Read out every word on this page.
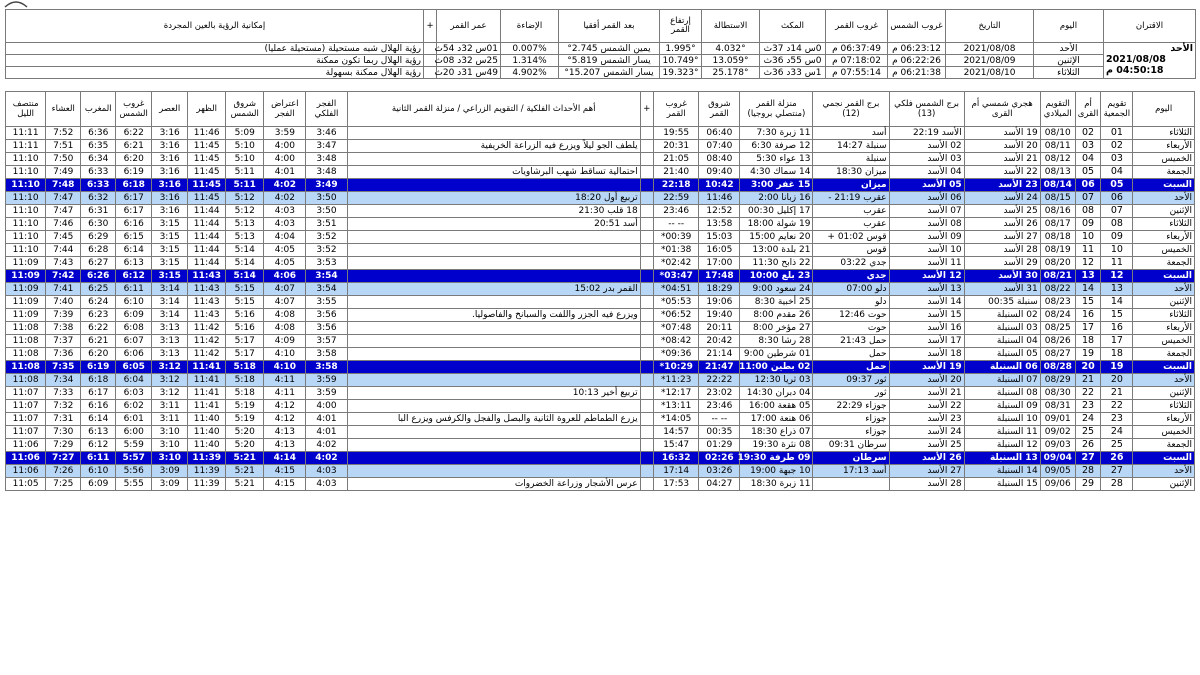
الاقتران	اليوم	التاريخ	غروب الشمس	غروب القمر	المكث	الاستطالة	إرتفاع القمر	بعد القمر أفقيا	الإضاءة	عمر القمر	+	إمكانية الرؤية بالعين المجردة

الأحد
2021/08/08
04:50:18 م	الأحد	2021/08/08	06:23:12 م	06:37:49 م	0س 14د 37ث	4.032°	1.995°	يمين الشمس 2.745°	0.007%	01س 32د 54ث		رؤية الهلال شبه مستحيلة (مستحيلة عمليا)
	الإثنين	2021/08/09	06:22:26 م	07:18:02 م	0س 55د 36ث	13.059°	10.749°	يسار الشمس 5.819°	1.314%	25س 32د 08ث		رؤية الهلال ربما تكون ممكنة
	الثلاثاء	2021/08/10	06:21:38 م	07:55:14 م	1س 33د 36ث	25.178°	19.323°	يسار الشمس 15.207°	4.902%	49س 31د 20ث		رؤية الهلال ممكنة بسهولة
اليوم	تقويم الجمعية	أم القرى	التقويم الميلادي	هجري شمسي أم القرى	برج الشمس فلكي (13)	برج القمر نجمي (12)	منزلة القمر (منتصلي بروجيا)	شروق القمر	غروب القمر	+	أهم الأحداث الفلكية / التقويم الزراعي / منزلة القمر الثانية	الفجر الفلكي	اعتراض الفجر	شروق الشمس	الظهر	العصر	غروب الشمس	المغرب	العشاء	منتصف الليل
الثلاثاء	01	02	08/10	19 الأسد	الأسد 22:19	أسد	11 زبرة 7:30	06:40	19:55			3:46	3:59	5:09	11:46	3:16	6:22	6:36	7:52	11:11
الأربعاء	02	03	08/11	20 الأسد	02 الأسد	سنبلة 14:27	12 صرفة 6:30	07:40	20:31		يلطف الجو ليلاً ويزرع فيه الزراعة الخريفية	3:47	4:00	5:10	11:45	3:16	6:21	6:35	7:51	11:11
الخميس	03	04	08/12	21 الأسد	03 الأسد	سنبلة	13 عواء 5:30	08:40	21:05			3:48	4:00	5:10	11:45	3:16	6:20	6:34	7:50	11:10
الجمعة	04	05	08/13	22 الأسد	04 الأسد	ميزان 18:30	14 سماك 4:30	09:40	21:40		احتمالية تساقط شهب البرشاويات	3:48	4:01	5:11	11:45	3:16	6:19	6:33	7:49	11:10
السبت	05	06	08/14	23 الأسد	05 الأسد	ميزان	15 غفر 3:00	10:42	22:18			3:49	4:02	5:11	11:45	3:16	6:18	6:33	7:48	11:10
الأحد	06	07	08/15	24 الأسد	06 الأسد	عقرب 21:19 -	16 زبانا 2:00	11:46	22:59		تربيع أول 18:20	3:50	4:02	5:12	11:45	3:16	6:17	6:32	7:47	11:10
الإثنين	07	08	08/16	25 الأسد	07 الأسد	عقرب	17 إكليل 00:30	12:52	23:46		18 قلب 21:30	3:50	4:03	5:12	11:44	3:16	6:17	6:31	7:47	11:10
الثلاثاء	08	09	08/17	26 الأسد	08 الأسد	عقرب	19 شولة 18:00	13:58	-- --		أسد 20:51	3:51	4:03	5:13	11:44	3:15	6:16	6:30	7:46	11:10
الأربعاء	09	10	08/18	27 الأسد	09 الأسد	قوس 01:02 +	20 نعايم 15:00	15:03	00:39*			3:52	4:04	5:13	11:44	3:15	6:15	6:29	7:45	11:10
الخميس	10	11	08/19	28 الأسد	10 الأسد	قوس	21 بلدة 13:00	16:05	01:38*			3:52	4:05	5:14	11:44	3:15	6:14	6:28	7:44	11:10
الجمعة	11	12	08/20	29 الأسد	11 الأسد	جدي 03:22	22 ذابح 11:30	17:00	02:42*			3:53	4:05	5:14	11:44	3:15	6:13	6:27	7:43	11:09
السبت	12	13	08/21	30 الأسد	12 الأسد	جدي	23 بلع 10:00	17:48	03:47*			3:54	4:06	5:14	11:43	3:15	6:12	6:26	7:42	11:09
الأحد	13	14	08/22	31 الأسد	13 الأسد	دلو 07:00	24 سعود 9:00	18:29	04:51*		القمر بدر 15:02	3:54	4:07	5:15	11:43	3:14	6:11	6:25	7:41	11:09
الإثنين	14	15	08/23	سنبلة 00:35	14 الأسد	دلو	25 أخبية 8:30	19:06	05:53*			3:55	4:07	5:15	11:43	3:14	6:10	6:24	7:40	11:09
الثلاثاء	15	16	08/24	02 السنبلة	15 الأسد	حوت 12:46	26 مقدم 8:00	19:40	06:52*		ويزرع فيه الجزر واللفت والسبانخ والفاصوليا.	3:56	4:08	5:16	11:43	3:14	6:09	6:23	7:39	11:09
الأربعاء	16	17	08/25	03 السنبلة	16 الأسد	حوت	27 مؤخر 8:00	20:11	07:48*			3:56	4:08	5:16	11:42	3:13	6:08	6:22	7:38	11:08
الخميس	17	18	08/26	04 السنبلة	17 الأسد	حمل 21:43	28 رشا 8:30	20:42	08:42*			3:57	4:09	5:17	11:42	3:13	6:07	6:21	7:37	11:08
الجمعة	18	19	08/27	05 السنبلة	18 الأسد	حمل	01 شرطين 9:00	21:14	09:36*			3:58	4:10	5:17	11:42	3:13	6:06	6:20	7:36	11:08
السبت	19	20	08/28	06 السنبلة	19 الأسد	حمل	02 بطين 11:00	21:47	10:29*			3:58	4:10	5:18	11:41	3:12	6:05	6:19	7:35	11:08
الأحد	20	21	08/29	07 السنبلة	20 الأسد	ثور 09:37	03 ثريا 12:30	22:22	11:23*			3:59	4:11	5:18	11:41	3:12	6:04	6:18	7:34	11:08
الإثنين	21	22	08/30	08 السنبلة	21 الأسد	ثور	04 دبران 14:30	23:02	12:17*		تربيع أخير 10:13	3:59	4:11	5:18	11:41	3:12	6:03	6:17	7:33	11:07
الثلاثاء	22	23	08/31	09 السنبلة	22 الأسد	جوزاء 22:29	05 هقعة 16:00	23:46	13:11*			4:00	4:12	5:19	11:41	3:11	6:02	6:16	7:32	11:07
الأربعاء	23	24	09/01	10 السنبلة	23 الأسد	جوزاء	06 هنعة 17:00	-- --	14:05*		يزرع الطماطم للعروة الثانية والبصل والفجل والكرفس ويزرع البا	4:01	4:12	5:19	11:40	3:11	6:01	6:14	7:31	11:07
الخميس	24	25	09/02	11 السنبلة	24 الأسد	جوزاء	07 ذراع 18:30	00:35	14:57			4:01	4:13	5:20	11:40	3:10	6:00	6:13	7:30	11:07
الجمعة	25	26	09/03	12 السنبلة	25 الأسد	سرطان 09:31	08 نثرة 19:30	01:29	15:47			4:02	4:13	5:20	11:40	3:10	5:59	6:12	7:29	11:06
السبت	26	27	09/04	13 السنبلة	26 الأسد	سرطان	09 طرفة 19:30	02:26	16:32			4:02	4:14	5:21	11:39	3:10	5:57	6:11	7:27	11:06
الأحد	27	28	09/05	14 السنبلة	27 الأسد	أسد 17:13	10 جبهة 19:00	03:26	17:14			4:03	4:15	5:21	11:39	3:09	5:56	6:10	7:26	11:06
الإثنين	28	29	09/06	15 السنبلة	28 الأسد		11 زبرة 18:30	04:27	17:53		عرس الأشجار وزراعة الخضروات	4:03	4:15	5:21	11:39	3:09	5:55	6:09	7:25	11:05
